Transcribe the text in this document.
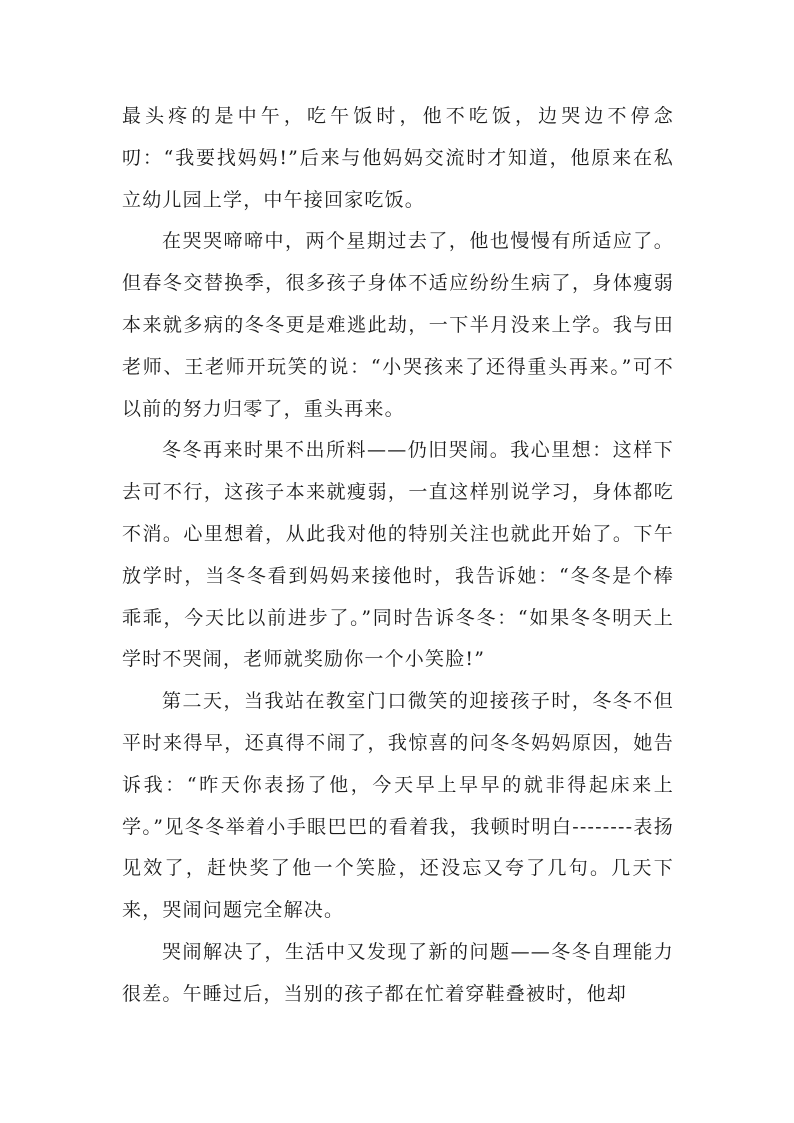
最头疼的是中午，吃午饭时，他不吃饭，边哭边不停念叨：“我要找妈妈!”后来与他妈妈交流时才知道，他原来在私立幼儿园上学，中午接回家吃饭。

在哭哭啼啼中，两个星期过去了，他也慢慢有所适应了。但春冬交替换季，很多孩子身体不适应纷纷生病了，身体瘦弱本来就多病的冬冬更是难逃此劫，一下半月没来上学。我与田老师、王老师开玩笑的说：“小哭孩来了还得重头再来。”可不以前的努力归零了，重头再来。

冬冬再来时果不出所料——仍旧哭闹。我心里想：这样下去可不行，这孩子本来就瘦弱，一直这样别说学习，身体都吃不消。心里想着，从此我对他的特别关注也就此开始了。下午放学时，当冬冬看到妈妈来接他时，我告诉她：“冬冬是个棒乖乖，今天比以前进步了。”同时告诉冬冬：“如果冬冬明天上学时不哭闹，老师就奖励你一个小笑脸!”

第二天，当我站在教室门口微笑的迎接孩子时，冬冬不但平时来得早，还真得不闹了，我惊喜的问冬冬妈妈原因，她告诉我：“昨天你表扬了他，今天早上早早的就非得起床来上学。”见冬冬举着小手眼巴巴的看着我，我顿时明白--------表扬见效了，赶快奖了他一个笑脸，还没忘又夸了几句。几天下来，哭闹问题完全解决。

哭闹解决了，生活中又发现了新的问题——冬冬自理能力很差。午睡过后，当别的孩子都在忙着穿鞋叠被时，他却
